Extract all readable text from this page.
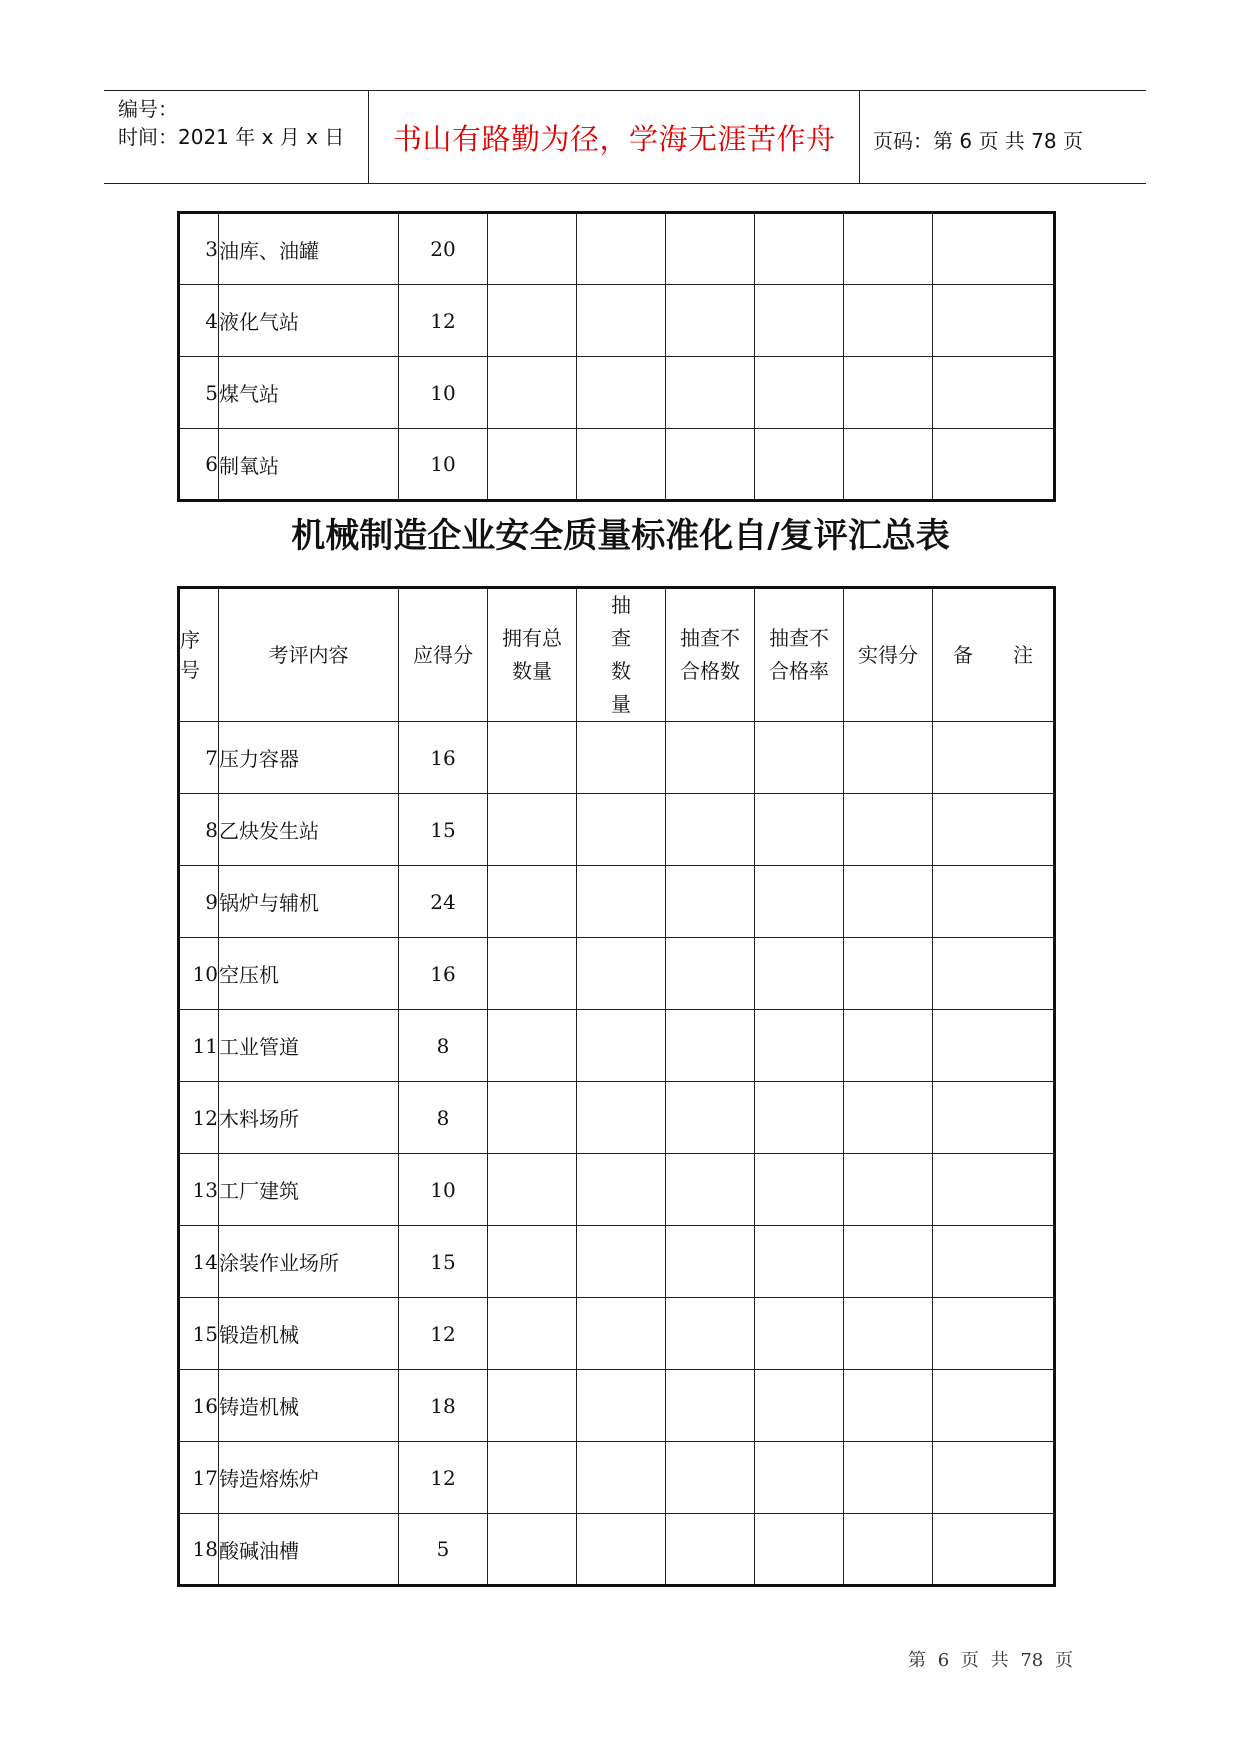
编号：
时间：2021 年 x 月 x 日 书山有路勤为径，学海无涯苦作舟 页码：第 6 页 共 78 页
3	油库、油罐	20						
4	液化气站	12						
5	煤气站	10						
6	制氧站	10						
机械制造企业安全质量标准化自/复评汇总表
序号	考评内容	应得分	拥有总数量	抽查数量	抽查不合格数	抽查不合格率	实得分	备　　注
7	压力容器	16						
8	乙炔发生站	15						
9	锅炉与辅机	24						
10	空压机	16						
11	工业管道	8						
12	木料场所	8						
13	工厂建筑	10						
14	涂装作业场所	15						
15	锻造机械	12						
16	铸造机械	18						
17	铸造熔炼炉	12						
18	酸碱油槽	5						
第 6 页 共 78 页
